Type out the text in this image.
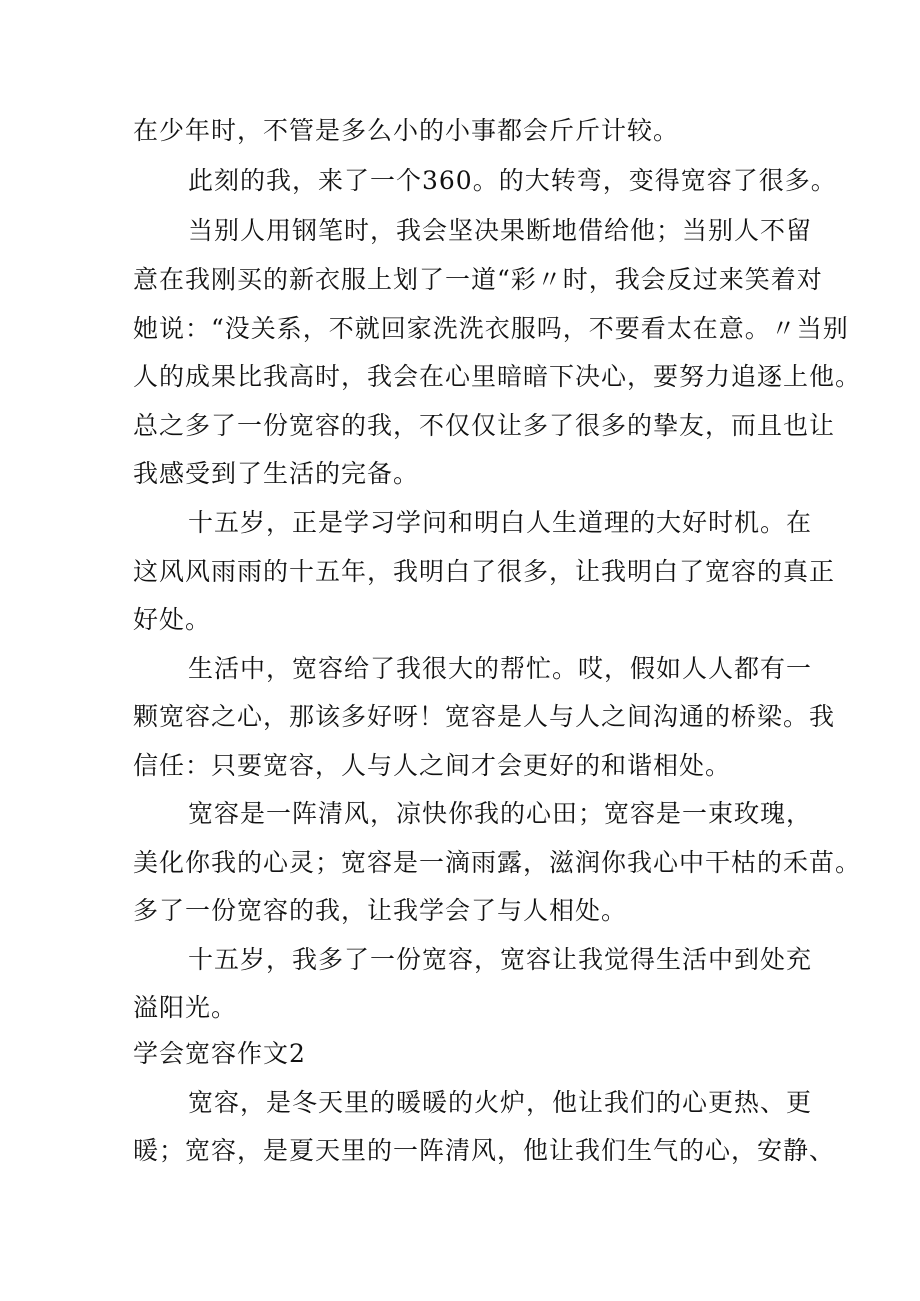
在少年时，不管是多么小的小事都会斤斤计较。
此刻的我，来了一个360。的大转弯，变得宽容了很多。
当别人用钢笔时，我会坚决果断地借给他；当别人不留
意在我刚买的新衣服上划了一道“彩〃时，我会反过来笑着对
她说：“没关系，不就回家洗洗衣服吗，不要看太在意。〃当别
人的成果比我高时，我会在心里暗暗下决心，要努力追逐上他。
总之多了一份宽容的我，不仅仅让多了很多的挚友，而且也让
我感受到了生活的完备。
十五岁，正是学习学问和明白人生道理的大好时机。在
这风风雨雨的十五年，我明白了很多，让我明白了宽容的真正
好处。
生活中，宽容给了我很大的帮忙。哎，假如人人都有一
颗宽容之心，那该多好呀！宽容是人与人之间沟通的桥梁。我
信任：只要宽容，人与人之间才会更好的和谐相处。
宽容是一阵清风，凉快你我的心田；宽容是一束玫瑰，
美化你我的心灵；宽容是一滴雨露，滋润你我心中干枯的禾苗。
多了一份宽容的我，让我学会了与人相处。
十五岁，我多了一份宽容，宽容让我觉得生活中到处充
溢阳光。
学会宽容作文2
宽容，是冬天里的暖暖的火炉，他让我们的心更热、更
暖；宽容，是夏天里的一阵清风，他让我们生气的心，安静、
